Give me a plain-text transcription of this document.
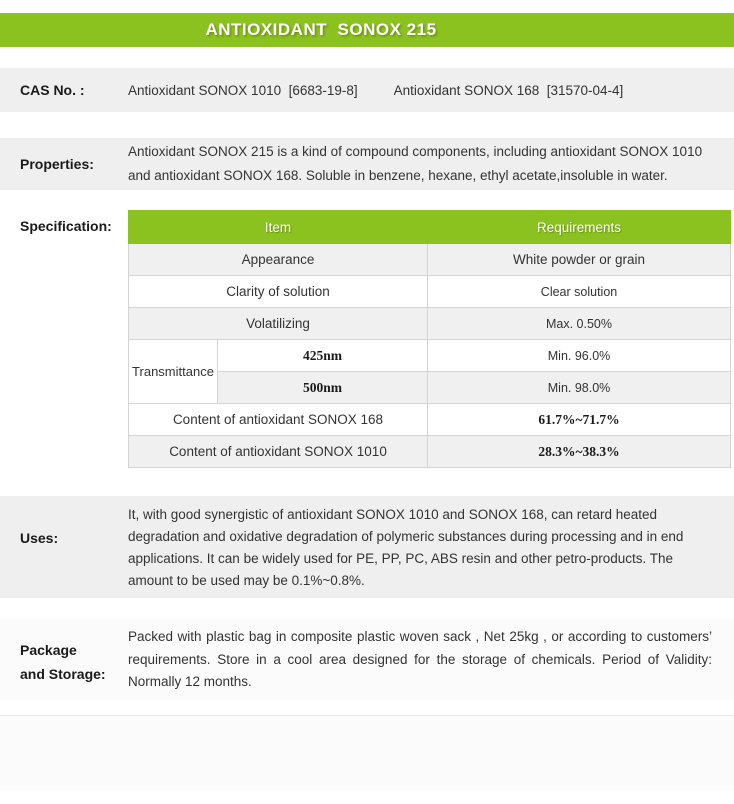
ANTIOXIDANT  SONOX 215
CAS No. :	Antioxidant SONOX 1010  [6683-19-8]	Antioxidant SONOX 168  [31570-04-4]
Properties:
Antioxidant SONOX 215 is a kind of compound components, including antioxidant SONOX 1010 and antioxidant SONOX 168. Soluble in benzene, hexane, ethyl acetate,insoluble in water.
Specification:	Item		Requirements
Appearance		White powder or grain
Clarity of solution		Clear solution
Volatilizing		Max. 0.50%
Transmittance	425nm	Min. 96.0%
	500nm	Min. 98.0%
Content of antioxidant SONOX 168		61.7%~71.7%
Content of antioxidant SONOX 1010		28.3%~38.3%
Uses:
It, with good synergistic of antioxidant SONOX 1010 and SONOX 168, can retard heated degradation and oxidative degradation of polymeric substances during processing and in end applications. It can be widely used for PE, PP, PC, ABS resin and other petro-products. The amount to be used may be 0.1%~0.8%.
Package
and Storage:
Packed with plastic bag in composite plastic woven sack , Net 25kg , or according to customers’ requirements. Store in a cool area designed for the storage of chemicals. Period of Validity: Normally 12 months.
